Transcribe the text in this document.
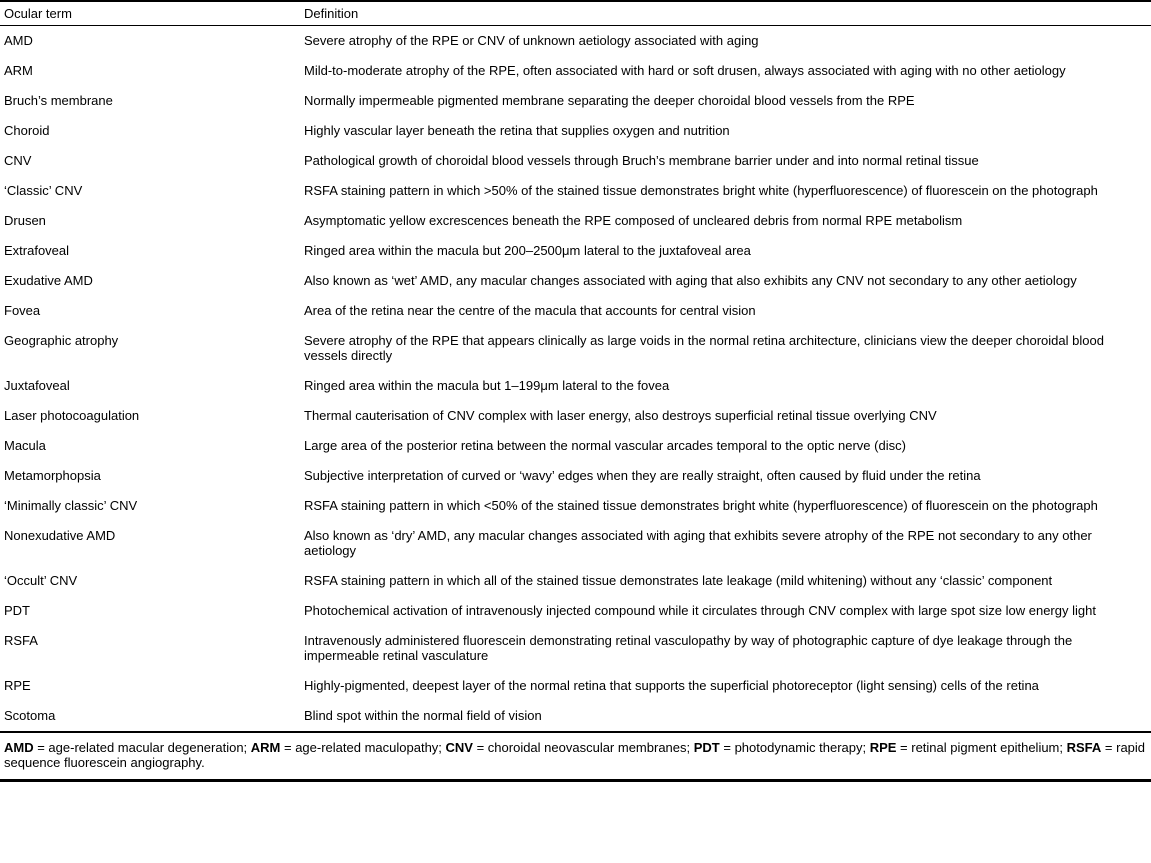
Ocular term	Definition
AMD	Severe atrophy of the RPE or CNV of unknown aetiology associated with aging
ARM	Mild-to-moderate atrophy of the RPE, often associated with hard or soft drusen, always associated with aging with no other aetiology
Bruch’s membrane	Normally impermeable pigmented membrane separating the deeper choroidal blood vessels from the RPE
Choroid	Highly vascular layer beneath the retina that supplies oxygen and nutrition
CNV	Pathological growth of choroidal blood vessels through Bruch’s membrane barrier under and into normal retinal tissue
‘Classic’ CNV	RSFA staining pattern in which >50% of the stained tissue demonstrates bright white (hyperfluorescence) of fluorescein on the photograph
Drusen	Asymptomatic yellow excrescences beneath the RPE composed of uncleared debris from normal RPE metabolism
Extrafoveal	Ringed area within the macula but 200–2500μm lateral to the juxtafoveal area
Exudative AMD	Also known as ‘wet’ AMD, any macular changes associated with aging that also exhibits any CNV not secondary to any other aetiology
Fovea	Area of the retina near the centre of the macula that accounts for central vision
Geographic atrophy	Severe atrophy of the RPE that appears clinically as large voids in the normal retina architecture, clinicians view the deeper choroidal blood vessels directly
Juxtafoveal	Ringed area within the macula but 1–199μm lateral to the fovea
Laser photocoagulation	Thermal cauterisation of CNV complex with laser energy, also destroys superficial retinal tissue overlying CNV
Macula	Large area of the posterior retina between the normal vascular arcades temporal to the optic nerve (disc)
Metamorphopsia	Subjective interpretation of curved or ‘wavy’ edges when they are really straight, often caused by fluid under the retina
‘Minimally classic’ CNV	RSFA staining pattern in which <50% of the stained tissue demonstrates bright white (hyperfluorescence) of fluorescein on the photograph
Nonexudative AMD	Also known as ‘dry’ AMD, any macular changes associated with aging that exhibits severe atrophy of the RPE not secondary to any other aetiology
‘Occult’ CNV	RSFA staining pattern in which all of the stained tissue demonstrates late leakage (mild whitening) without any ‘classic’ component
PDT	Photochemical activation of intravenously injected compound while it circulates through CNV complex with large spot size low energy light
RSFA	Intravenously administered fluorescein demonstrating retinal vasculopathy by way of photographic capture of dye leakage through the impermeable retinal vasculature
RPE	Highly-pigmented, deepest layer of the normal retina that supports the superficial photoreceptor (light sensing) cells of the retina
Scotoma	Blind spot within the normal field of vision
AMD = age-related macular degeneration; ARM = age-related maculopathy; CNV = choroidal neovascular membranes; PDT = photodynamic therapy; RPE = retinal pigment epithelium; RSFA = rapid sequence fluorescein angiography.
